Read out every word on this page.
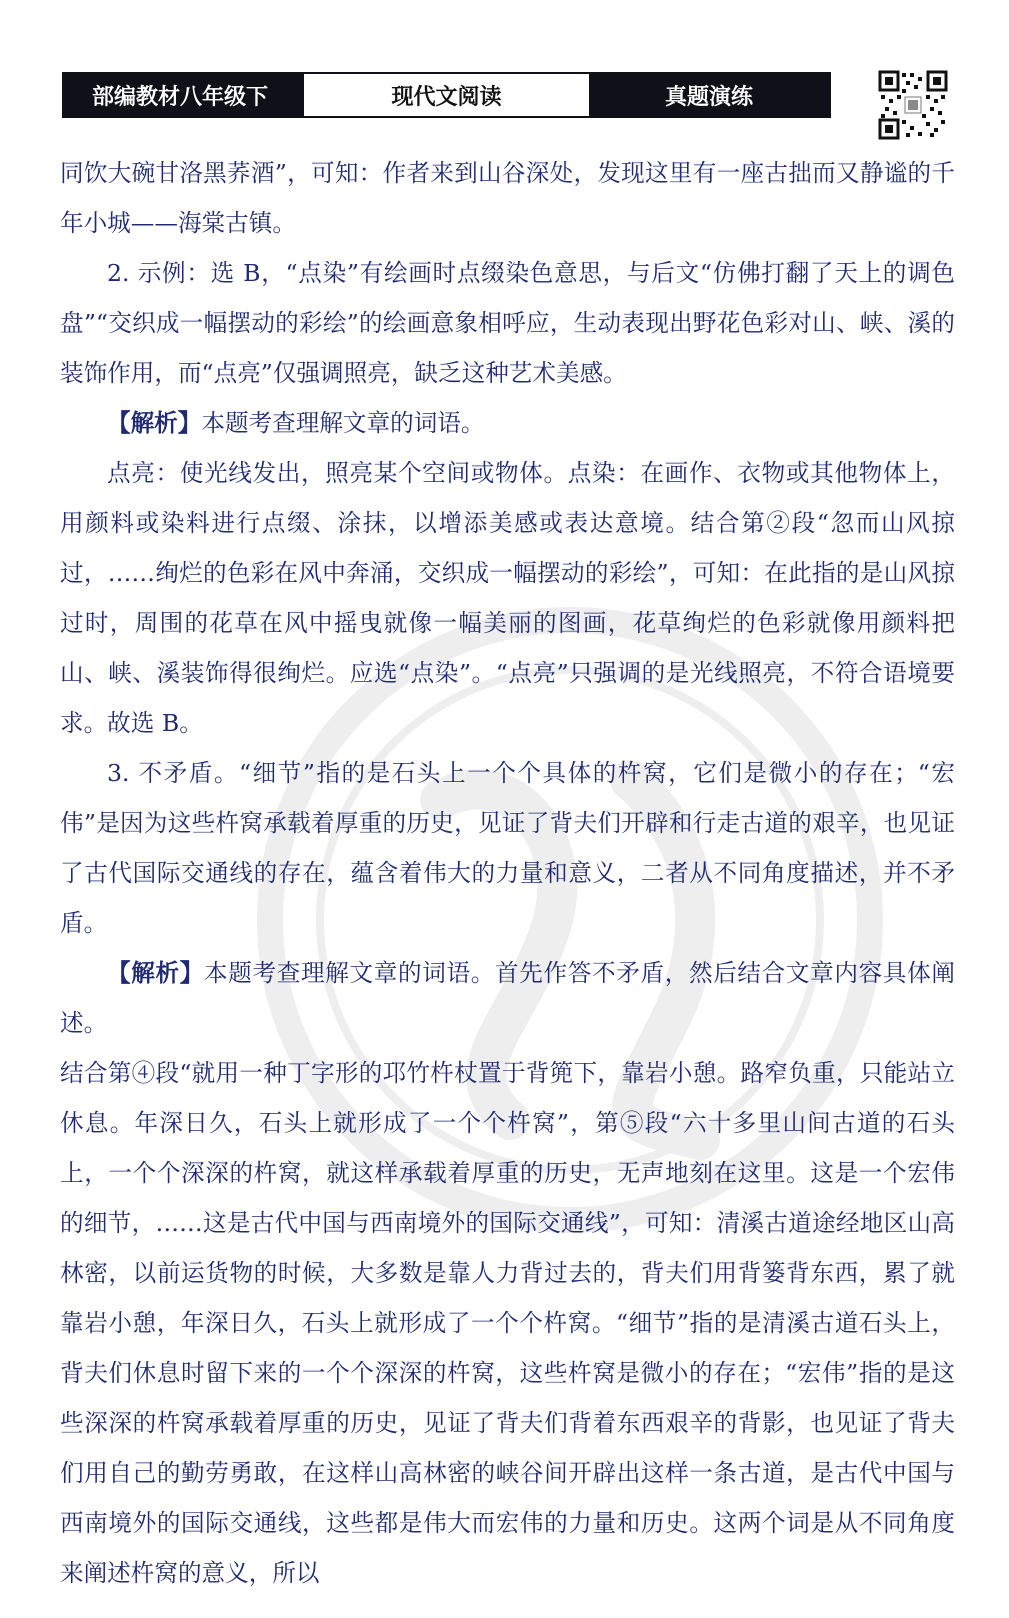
部编教材八年级下	现代文阅读	真题演练

同饮大碗甘洛黑荞酒”，可知：作者来到山谷深处，发现这里有一座古拙而又静谧的千年小城——海棠古镇。

2. 示例：选 B，“点染”有绘画时点缀染色意思，与后文“仿佛打翻了天上的调色盘”“交织成一幅摆动的彩绘”的绘画意象相呼应，生动表现出野花色彩对山、峡、溪的装饰作用，而“点亮”仅强调照亮，缺乏这种艺术美感。

【解析】本题考查理解文章的词语。

点亮：使光线发出，照亮某个空间或物体。点染：在画作、衣物或其他物体上，用颜料或染料进行点缀、涂抹，以增添美感或表达意境。结合第②段“忽而山风掠过，……绚烂的色彩在风中奔涌，交织成一幅摆动的彩绘”，可知：在此指的是山风掠过时，周围的花草在风中摇曳就像一幅美丽的图画，花草绚烂的色彩就像用颜料把山、峡、溪装饰得很绚烂。应选“点染”。“点亮”只强调的是光线照亮，不符合语境要求。故选 B。

3. 不矛盾。“细节”指的是石头上一个个具体的杵窝，它们是微小的存在；“宏伟”是因为这些杵窝承载着厚重的历史，见证了背夫们开辟和行走古道的艰辛，也见证了古代国际交通线的存在，蕴含着伟大的力量和意义，二者从不同角度描述，并不矛盾。

【解析】本题考查理解文章的词语。首先作答不矛盾，然后结合文章内容具体阐述。

结合第④段“就用一种丁字形的邛竹杵杖置于背篼下，靠岩小憩。路窄负重，只能站立休息。年深日久，石头上就形成了一个个杵窝”，第⑤段“六十多里山间古道的石头上，一个个深深的杵窝，就这样承载着厚重的历史，无声地刻在这里。这是一个宏伟的细节，……这是古代中国与西南境外的国际交通线”，可知：清溪古道途经地区山高林密，以前运货物的时候，大多数是靠人力背过去的，背夫们用背篓背东西，累了就靠岩小憩，年深日久，石头上就形成了一个个杵窝。“细节”指的是清溪古道石头上，背夫们休息时留下来的一个个深深的杵窝，这些杵窝是微小的存在；“宏伟”指的是这些深深的杵窝承载着厚重的历史，见证了背夫们背着东西艰辛的背影，也见证了背夫们用自己的勤劳勇敢，在这样山高林密的峡谷间开辟出这样一条古道，是古代中国与西南境外的国际交通线，这些都是伟大而宏伟的力量和历史。这两个词是从不同角度来阐述杵窝的意义，所以
